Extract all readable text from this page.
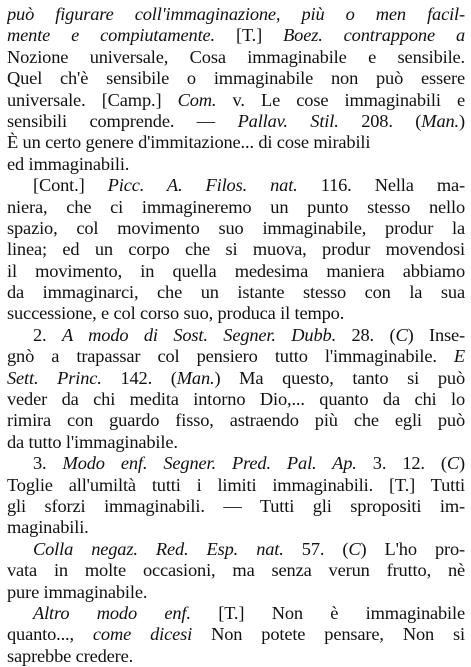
può figurare coll'immaginazione, più o men facil-
mente e compiutamente. [T.] Boez. contrappone a
Nozione universale, Cosa immaginabile e sensibile.
Quel ch'è sensibile o immaginabile non può essere
universale. [Camp.] Com. v. Le cose immaginabili e
sensibili comprende. — Pallav. Stil. 208. (Man.)
È un certo genere d'immitazione... di cose mirabili
ed immaginabili.
[Cont.] Picc. A. Filos. nat. 116. Nella ma-
niera, che ci immagineremo un punto stesso nello
spazio, col movimento suo immaginabile, produr la
linea; ed un corpo che si muova, produr movendosi
il movimento, in quella medesima maniera abbiamo
da immaginarci, che un istante stesso con la sua
successione, e col corso suo, produca il tempo.
2. A modo di Sost. Segner. Dubb. 28. (C) Inse-
gnò a trapassar col pensiero tutto l'immaginabile. E
Sett. Princ. 142. (Man.) Ma questo, tanto si può
veder da chi medita intorno Dio,... quanto da chi lo
rimira con guardo fisso, astraendo più che egli può
da tutto l'immaginabile.
3. Modo enf. Segner. Pred. Pal. Ap. 3. 12. (C)
Toglie all'umiltà tutti i limiti immaginabili. [T.] Tutti
gli sforzi immaginabili. — Tutti gli spropositi im-
maginabili.
Colla negaz. Red. Esp. nat. 57. (C) L'ho pro-
vata in molte occasioni, ma senza verun frutto, nè
pure immaginabile.
Altro modo enf. [T.] Non è immaginabile
quanto..., come dicesi Non potete pensare, Non si
saprebbe credere.
